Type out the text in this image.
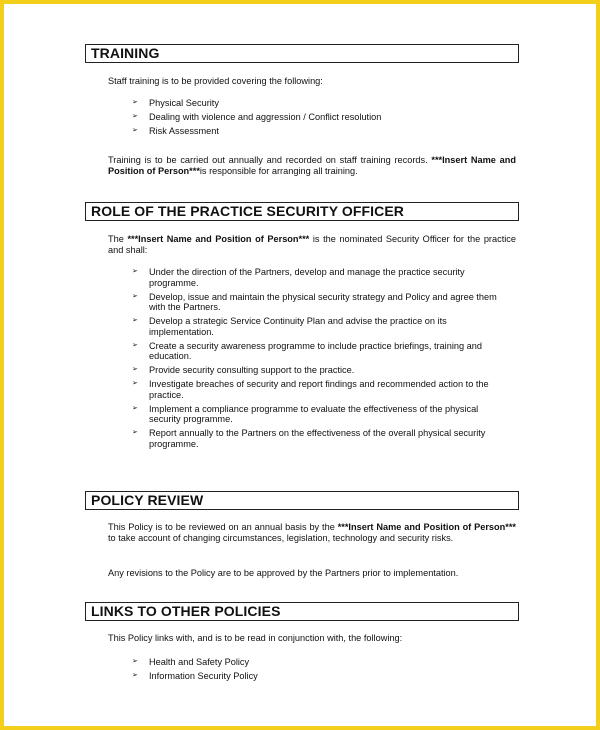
TRAINING
Staff training is to be provided covering the following:
➢ Physical Security
➢ Dealing with violence and aggression / Conflict resolution
➢ Risk Assessment
Training is to be carried out annually and recorded on staff training records. ***Insert Name and Position of Person***is responsible for arranging all training.
ROLE OF THE PRACTICE SECURITY OFFICER
The ***Insert Name and Position of Person*** is the nominated Security Officer for the practice and shall:
➢ Under the direction of the Partners, develop and manage the practice security programme.
➢ Develop, issue and maintain the physical security strategy and Policy and agree them with the Partners.
➢ Develop a strategic Service Continuity Plan and advise the practice on its implementation.
➢ Create a security awareness programme to include practice briefings, training and education.
➢ Provide security consulting support to the practice.
➢ Investigate breaches of security and report findings and recommended action to the practice.
➢ Implement a compliance programme to evaluate the effectiveness of the physical security programme.
➢ Report annually to the Partners on the effectiveness of the overall physical security programme.
POLICY REVIEW
This Policy is to be reviewed on an annual basis by the ***Insert Name and Position of Person*** to take account of changing circumstances, legislation, technology and security risks.
Any revisions to the Policy are to be approved by the Partners prior to implementation.
LINKS TO OTHER POLICIES
This Policy links with, and is to be read in conjunction with, the following:
➢ Health and Safety Policy
➢ Information Security Policy
